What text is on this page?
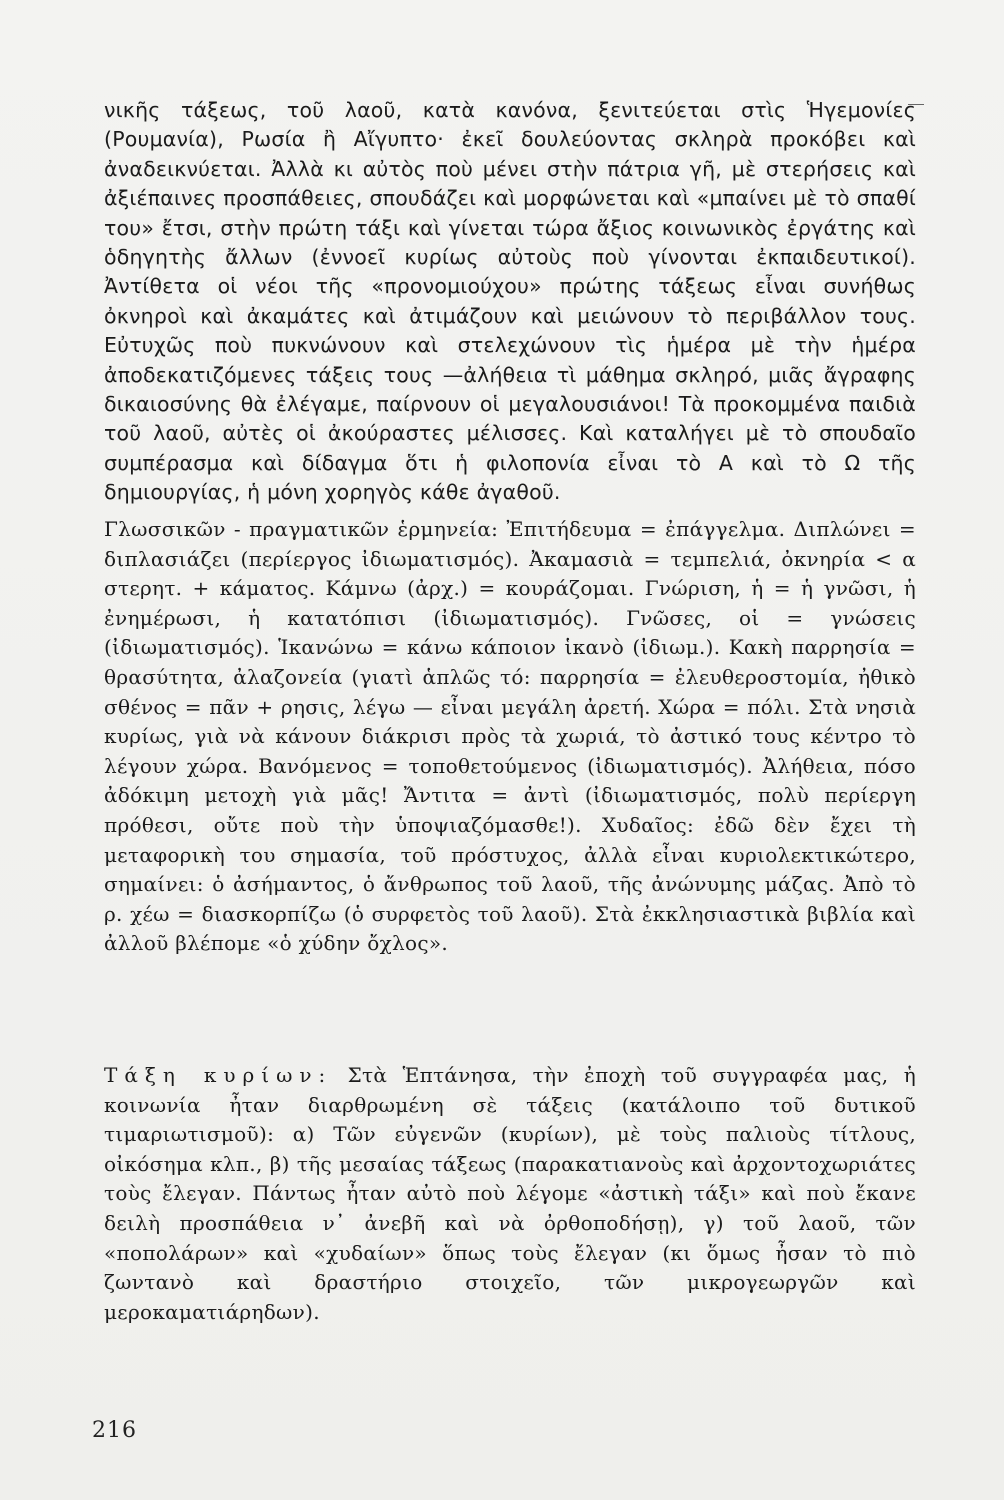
νικῆς τάξεως, τοῦ λαοῦ, κατὰ κανόνα, ξενιτεύεται στὶς Ἡγεμονίες (Ρουμανία), Ρωσία ἢ Αἴγυπτο· ἐκεῖ δουλεύοντας σκληρὰ προκόβει καὶ ἀναδεικνύεται. Ἀλλὰ κι αὐτὸς ποὺ μένει στὴν πάτρια γῆ, μὲ στερήσεις καὶ ἀξιέπαινες προσπάθειες, σπουδάζει καὶ μορφώνεται καὶ «μπαίνει μὲ τὸ σπαθί του» ἔτσι, στὴν πρώτη τάξι καὶ γίνεται τώρα ἄξιος κοινωνικὸς ἐργάτης καὶ ὁδηγητὴς ἄλλων (ἐννοεῖ κυρίως αὐτοὺς ποὺ γίνονται ἐκπαιδευτικοί). Ἀντίθετα οἱ νέοι τῆς «προνομιούχου» πρώτης τάξεως εἶναι συνήθως ὀκνηροὶ καὶ ἀκαμάτες καὶ ἀτιμάζουν καὶ μειώνουν τὸ περιβάλλον τους. Εὐτυχῶς ποὺ πυκνώνουν καὶ στελεχώνουν τὶς ἡμέρα μὲ τὴν ἡμέρα ἀποδεκατιζόμενες τάξεις τους —ἀλήθεια τὶ μάθημα σκληρό, μιᾶς ἄγραφης δικαιοσύνης θὰ ἐλέγαμε, παίρνουν οἱ μεγαλουσιάνοι! Τὰ προκομμένα παιδιὰ τοῦ λαοῦ, αὐτὲς οἱ ἀκούραστες μέλισσες. Καὶ καταλήγει μὲ τὸ σπουδαῖο συμπέρασμα καὶ δίδαγμα ὅτι ἡ φιλοπονία εἶναι τὸ Α καὶ τὸ Ω τῆς δημιουργίας, ἡ μόνη χορηγὸς κάθε ἀγαθοῦ.

Γλωσσικῶν - πραγματικῶν ἑρμηνεία: Ἐπιτήδευμα = ἐπάγγελμα. Διπλώνει = διπλασιάζει (περίεργος ἰδιωματισμός). Ἀκαμασιὰ = τεμπελιά, ὀκνηρία < α στερητ. + κάματος. Κάμνω (ἀρχ.) = κουράζομαι. Γνώριση, ἡ = ἡ γνῶσι, ἡ ἐνημέρωσι, ἡ κατατόπισι (ἰδιωματισμός). Γνῶσες, οἱ = γνώσεις (ἰδιωματισμός). Ἱκανώνω = κάνω κάποιον ἱκανὸ (ἰδιωμ.). Κακὴ παρρησία = θρασύτητα, ἀλαζονεία (γιατὶ ἁπλῶς τό: παρρησία = ἐλευθεροστομία, ἠθικὸ σθένος = πᾶν + ρησις, λέγω — εἶναι μεγάλη ἀρετή. Χώρα = πόλι. Στὰ νησιὰ κυρίως, γιὰ νὰ κάνουν διάκρισι πρὸς τὰ χωριά, τὸ ἀστικό τους κέντρο τὸ λέγουν χώρα. Βανόμενος = τοποθετούμενος (ἰδιωματισμός). Ἀλήθεια, πόσο ἀδόκιμη μετοχὴ γιὰ μᾶς! Ἄντιτα = ἀντὶ (ἰδιωματισμός, πολὺ περίεργη πρόθεσι, οὔτε ποὺ τὴν ὑποψιαζόμασθε!). Χυδαῖος: ἐδῶ δὲν ἔχει τὴ μεταφορικὴ του σημασία, τοῦ πρόστυχος, ἀλλὰ εἶναι κυριολεκτικώτερο, σημαίνει: ὁ ἀσήμαντος, ὁ ἄνθρωπος τοῦ λαοῦ, τῆς ἀνώνυμης μάζας. Ἀπὸ τὸ ρ. χέω = διασκορπίζω (ὁ συρφετὸς τοῦ λαοῦ). Στὰ ἐκκλησιαστικὰ βιβλία καὶ ἀλλοῦ βλέπομε «ὁ χύδην ὄχλος».

Τάξη κυρίων: Στὰ Ἑπτάνησα, τὴν ἐποχὴ τοῦ συγγραφέα μας, ἡ κοινωνία ἦταν διαρθρωμένη σὲ τάξεις (κατάλοιπο τοῦ δυτικοῦ τιμαριωτισμοῦ): α) Τῶν εὐγενῶν (κυρίων), μὲ τοὺς παλιοὺς τίτλους, οἰκόσημα κλπ., β) τῆς μεσαίας τάξεως (παρακατιανοὺς καὶ ἀρχοντοχωριάτες τοὺς ἔλεγαν. Πάντως ἦταν αὐτὸ ποὺ λέγομε «ἀστικὴ τάξι» καὶ ποὺ ἔκανε δειλὴ προσπάθεια ν᾿ ἀνεβῆ καὶ νὰ ὀρθοποδήσῃ), γ) τοῦ λαοῦ, τῶν «ποπολάρων» καὶ «χυδαίων» ὅπως τοὺς ἔλεγαν (κι ὅμως ἦσαν τὸ πιὸ ζωντανὸ καὶ δραστήριο στοιχεῖο, τῶν μικρογεωργῶν καὶ μεροκαματιάρηδων).

216
